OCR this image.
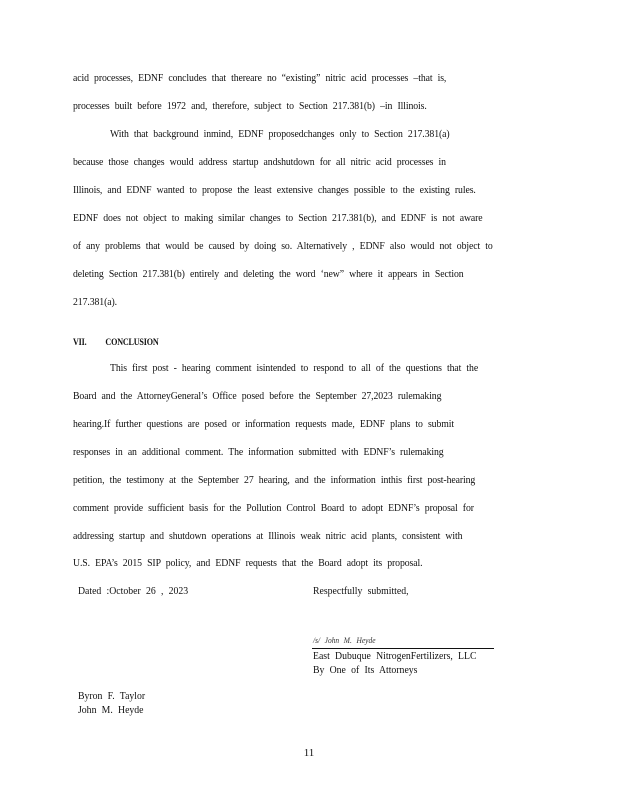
acid processes, EDNF concludes that thereare no “existing” nitric acid processes –that is,
processes built before 1972 and, therefore, subject to Section 217.381(b) –in Illinois.
With that background inmind, EDNF proposedchanges only to Section 217.381(a)
because those changes would address startup andshutdown for all nitric acid processes in
Illinois, and EDNF wanted to propose the least extensive changes possible to the existing rules.
EDNF does not object to making similar changes to Section 217.381(b), and EDNF is not aware
of any problems that would be caused by doing so. Alternatively , EDNF also would not object to
deleting Section 217.381(b) entirely and deleting the word ‘new” where it appears in Section
217.381(a).
VII. CONCLUSION
This first post - hearing comment isintended to respond to all of the questions that the
Board and the AttorneyGeneral’s Office posed before the September 27,2023 rulemaking
hearing.If further questions are posed or information requests made, EDNF plans to submit
responses in an additional comment. The information submitted with EDNF’s rulemaking
petition, the testimony at the September 27 hearing, and the information inthis first post-hearing
comment provide sufficient basis for the Pollution Control Board to adopt EDNF’s proposal for
addressing startup and shutdown operations at Illinois weak nitric acid plants, consistent with
U.S. EPA’s 2015 SIP policy, and EDNF requests that the Board adopt its proposal.
Dated :October 26 , 2023	Respectfully submitted,
/s/ John M. Heyde
East Dubuque NitrogenFertilizers, LLC
By One of Its Attorneys
Byron F. Taylor
John M. Heyde
11
